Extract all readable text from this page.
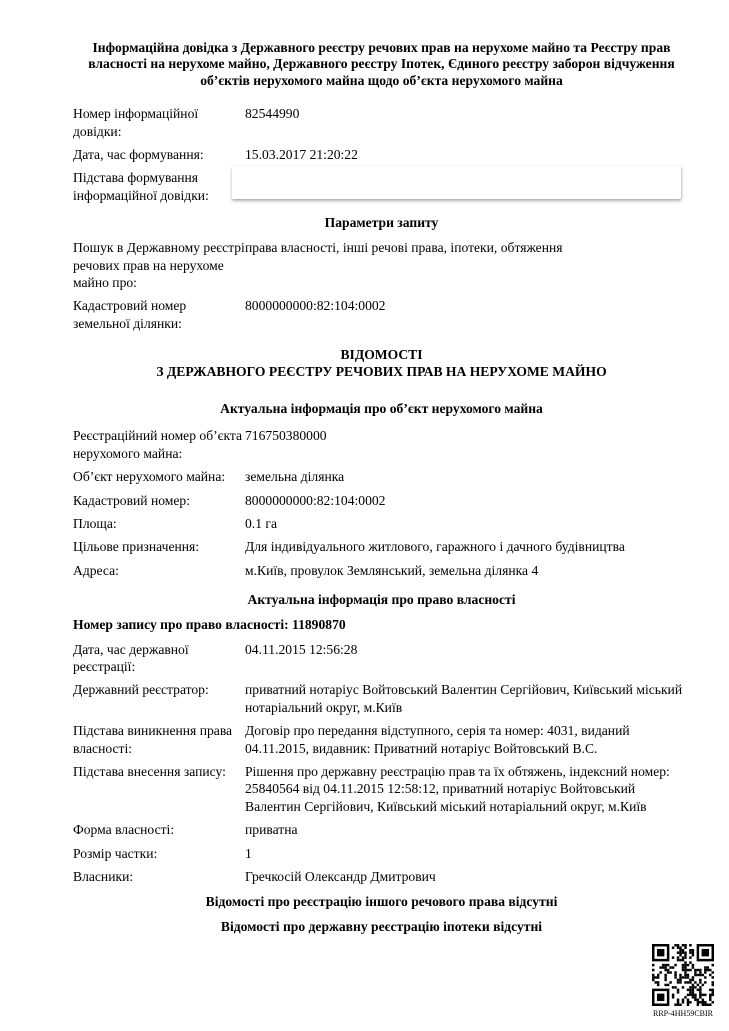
Інформаційна довідка з Державного реєстру речових прав на нерухоме майно та Реєстру прав власності на нерухоме майно, Державного реєстру Іпотек, Єдиного реєстру заборон відчуження об’єктів нерухомого майна щодо об’єкта нерухомого майна

Номер інформаційної довідки:
82544990
Дата, час формування:	15.03.2017 21:20:22
Підстава формування інформаційної довідки:
Параметри запиту
Пошук в Державному реєстрі речових прав на нерухоме майно про:
права власності, інші речові права, іпотеки, обтяження
Кадастровий номер земельної ділянки:
8000000000:82:104:0002
ВІДОМОСТІ
З ДЕРЖАВНОГО РЕЄСТРУ РЕЧОВИХ ПРАВ НА НЕРУХОМЕ МАЙНО
Актуальна інформація про об’єкт нерухомого майна
Реєстраційний номер об’єкта нерухомого майна:
716750380000
Об’єкт нерухомого майна:	земельна ділянка
Кадастровий номер:	8000000000:82:104:0002
Площа:	0.1 га
Цільове призначення:	Для індивідуального житлового, гаражного і дачного будівництва
Адреса:	м.Київ, провулок Землянський, земельна ділянка 4
Актуальна інформація про право власності
Номер запису про право власності: 11890870
Дата, час державної реєстрації:
04.11.2015 12:56:28
Державний реєстратор:	приватний нотаріус Войтовський Валентин Сергійович, Київський міський нотаріальний округ, м.Київ
Підстава виникнення права власності:
Договір про передання відступного, серія та номер: 4031, виданий 04.11.2015, видавник: Приватний нотаріус Войтовський В.С.
Підстава внесення запису:	Рішення про державну реєстрацію прав та їх обтяжень, індексний номер: 25840564 від 04.11.2015 12:58:12, приватний нотаріус Войтовський Валентин Сергійович, Київський міський нотаріальний округ, м.Київ
Форма власності:	приватна
Розмір частки:	1
Власники:	Гречкосій Олександр Дмитрович
Відомості про реєстрацію іншого речового права відсутні
Відомості про державну реєстрацію іпотеки відсутні
RRP-4HH59CBIR
